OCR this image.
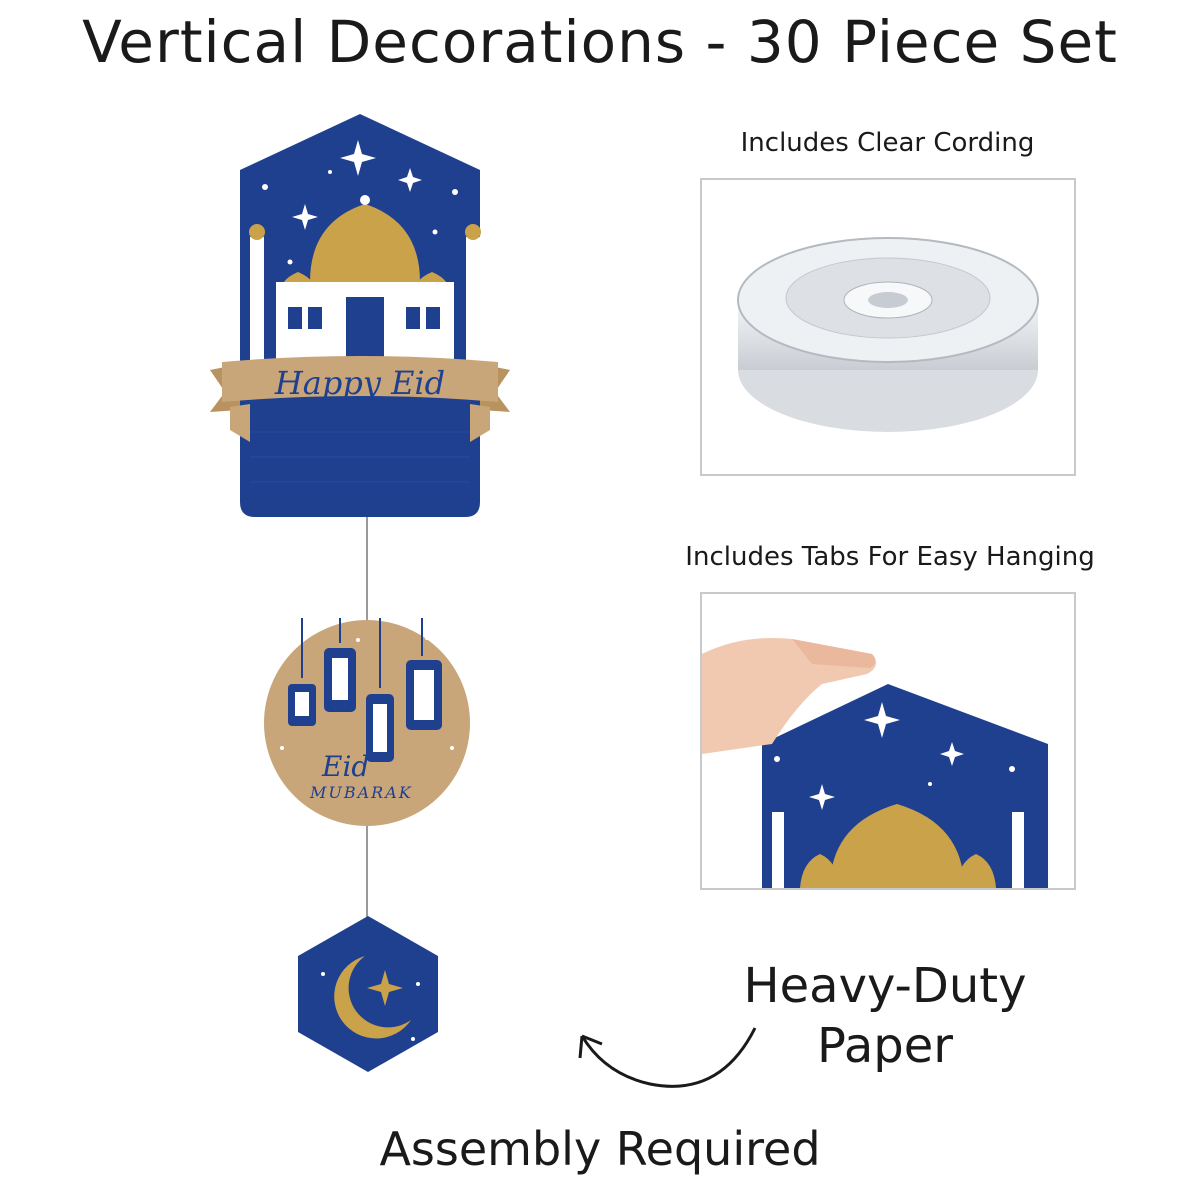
Vertical Decorations - 30 Piece Set
Happy Eid
Eid
MUBARAK
Includes Clear Cording
Includes Tabs For Easy Hanging
Heavy-Duty
Paper
Assembly Required
